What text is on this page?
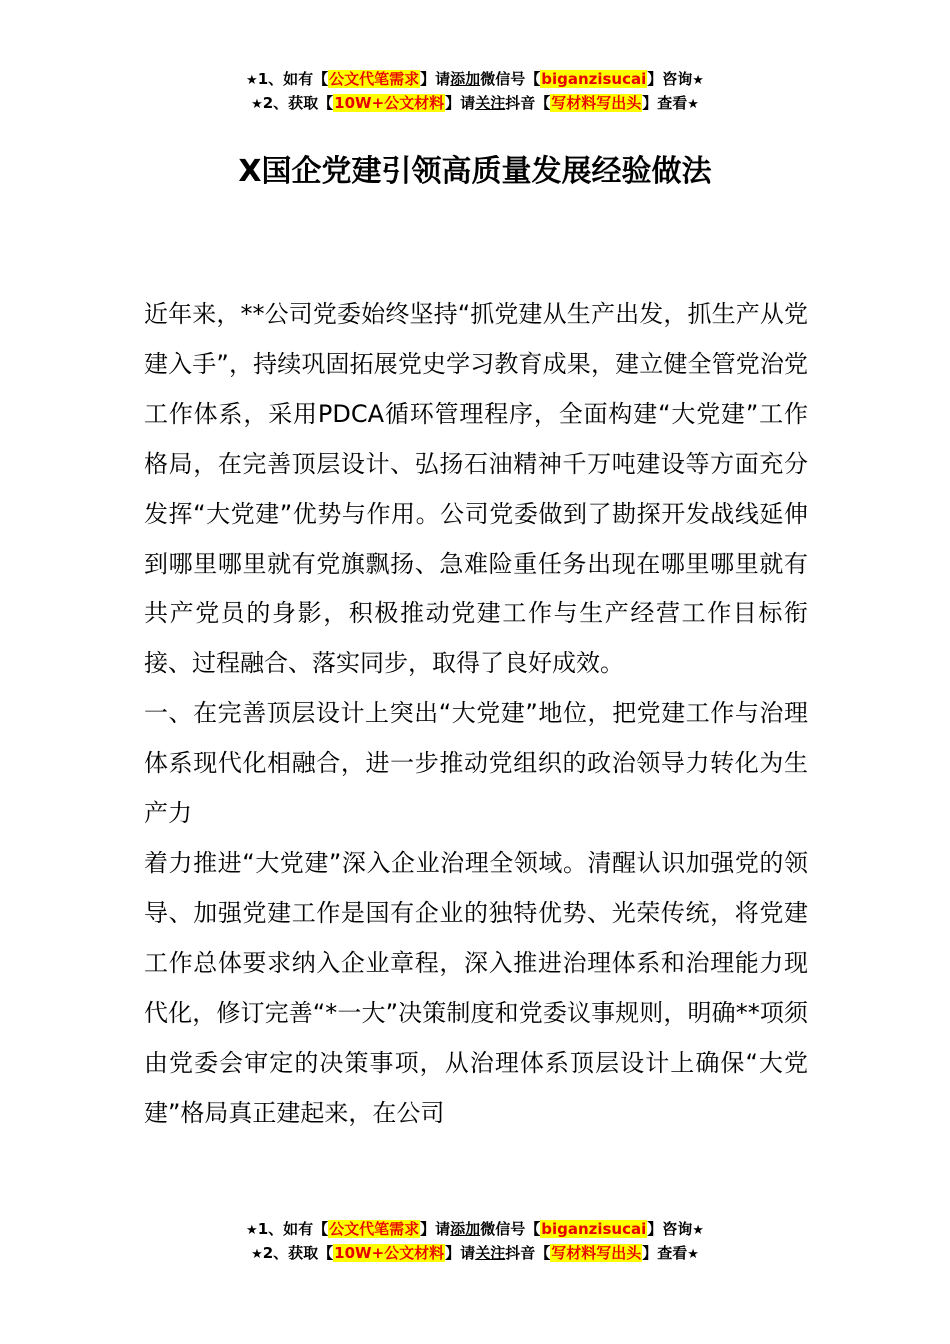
★1、如有【公文代笔需求】请添加微信号【biganzisucai】咨询★
★2、获取【10W+公文材料】请关注抖音【写材料写出头】查看★
X国企党建引领高质量发展经验做法

近年来，**公司党委始终坚持“抓党建从生产出发，抓生产从党建入手”，持续巩固拓展党史学习教育成果，建立健全管党治党工作体系，采用PDCA循环管理程序，全面构建“大党建”工作格局，在完善顶层设计、弘扬石油精神千万吨建设等方面充分发挥“大党建”优势与作用。公司党委做到了勘探开发战线延伸到哪里哪里就有党旗飘扬、急难险重任务出现在哪里哪里就有共产党员的身影，积极推动党建工作与生产经营工作目标衔接、过程融合、落实同步，取得了良好成效。

一、在完善顶层设计上突出“大党建”地位，把党建工作与治理体系现代化相融合，进一步推动党组织的政治领导力转化为生产力

着力推进“大党建”深入企业治理全领域。清醒认识加强党的领导、加强党建工作是国有企业的独特优势、光荣传统，将党建工作总体要求纳入企业章程，深入推进治理体系和治理能力现代化，修订完善“*一大”决策制度和党委议事规则，明确**项须由党委会审定的决策事项，从治理体系顶层设计上确保“大党建”格局真正建起来，在公司

★1、如有【公文代笔需求】请添加微信号【biganzisucai】咨询★
★2、获取【10W+公文材料】请关注抖音【写材料写出头】查看★
